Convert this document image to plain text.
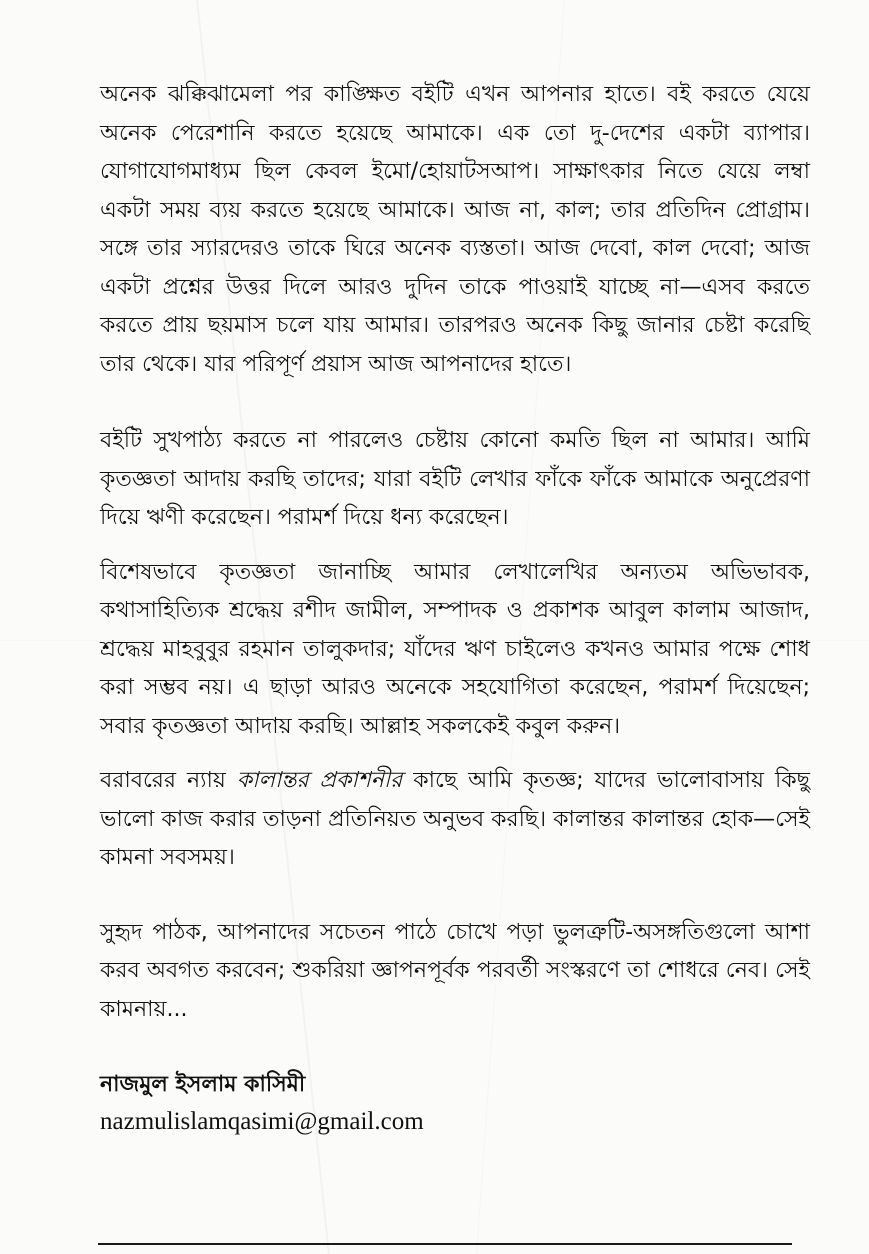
অনেক ঝক্কিঝামেলা পর কাঙ্ক্ষিত বইটি এখন আপনার হাতে। বই করতে যেয়ে অনেক পেরেশানি করতে হয়েছে আমাকে। এক তো দু-দেশের একটা ব্যাপার। যোগাযোগমাধ্যম ছিল কেবল ইমো/হোয়াটসআপ। সাক্ষাৎকার নিতে যেয়ে লম্বা একটা সময় ব্যয় করতে হয়েছে আমাকে। আজ না, কাল; তার প্রতিদিন প্রোগ্রাম। সঙ্গে তার স্যারদেরও তাকে ঘিরে অনেক ব্যস্ততা। আজ দেবো, কাল দেবো; আজ একটা প্রশ্নের উত্তর দিলে আরও দুদিন তাকে পাওয়াই যাচ্ছে না—এসব করতে করতে প্রায় ছয়মাস চলে যায় আমার। তারপরও অনেক কিছু জানার চেষ্টা করেছি তার থেকে। যার পরিপূর্ণ প্রয়াস আজ আপনাদের হাতে।

বইটি সুখপাঠ্য করতে না পারলেও চেষ্টায় কোনো কমতি ছিল না আমার। আমি কৃতজ্ঞতা আদায় করছি তাদের; যারা বইটি লেখার ফাঁকে ফাঁকে আমাকে অনুপ্রেরণা দিয়ে ঋণী করেছেন। পরামর্শ দিয়ে ধন্য করেছেন।

বিশেষভাবে কৃতজ্ঞতা জানাচ্ছি আমার লেখালেখির অন্যতম অভিভাবক, কথাসাহিত্যিক শ্রদ্ধেয় রশীদ জামীল, সম্পাদক ও প্রকাশক আবুল কালাম আজাদ, শ্রদ্ধেয় মাহবুবুর রহমান তালুকদার; যাঁদের ঋণ চাইলেও কখনও আমার পক্ষে শোধ করা সম্ভব নয়। এ ছাড়া আরও অনেকে সহযোগিতা করেছেন, পরামর্শ দিয়েছেন; সবার কৃতজ্ঞতা আদায় করছি। আল্লাহ সকলকেই কবুল করুন।

বরাবরের ন্যায় কালান্তর প্রকাশনীর কাছে আমি কৃতজ্ঞ; যাদের ভালোবাসায় কিছু ভালো কাজ করার তাড়না প্রতিনিয়ত অনুভব করছি। কালান্তর কালান্তর হোক—সেই কামনা সবসময়।

সুহৃদ পাঠক, আপনাদের সচেতন পাঠে চোখে পড়া ভুলত্রুটি-অসঙ্গতিগুলো আশা করব অবগত করবেন; শুকরিয়া জ্ঞাপনপূর্বক পরবর্তী সংস্করণে তা শোধরে নেব। সেই কামনায়...

নাজমুল ইসলাম কাসিমী

nazmulislamqasimi@gmail.com
